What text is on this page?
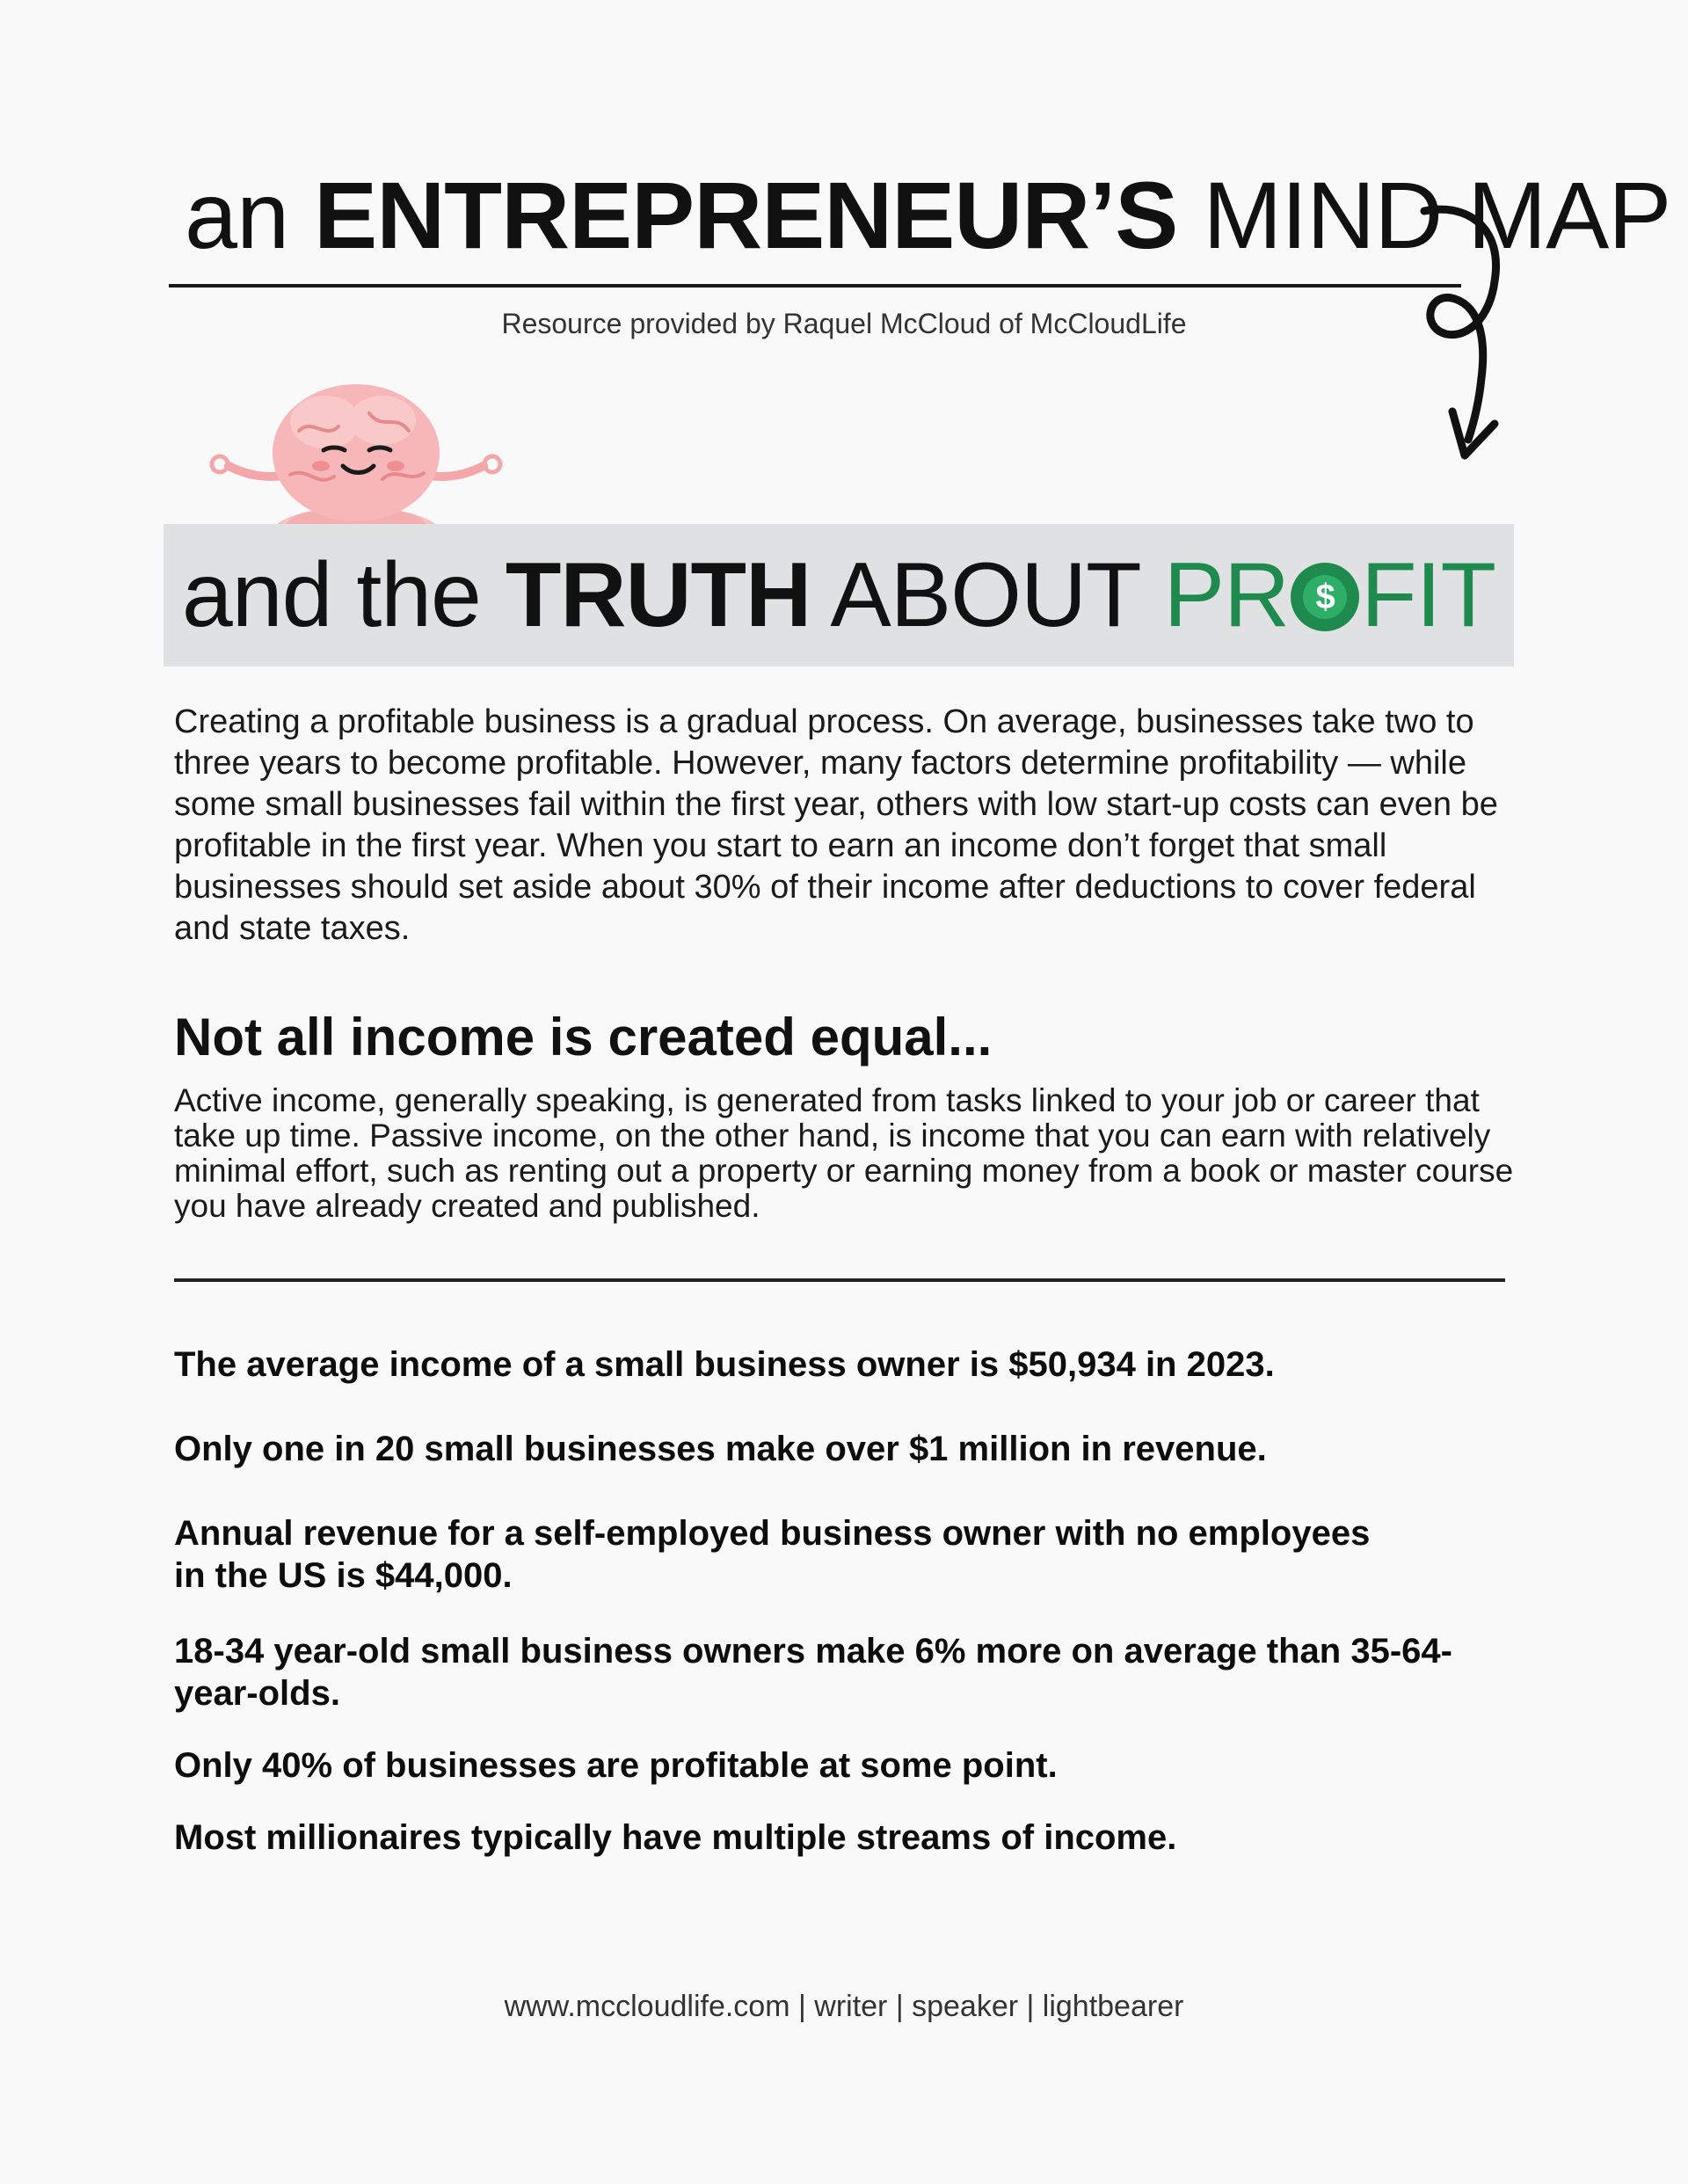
an ENTREPRENEUR’S MIND MAP
Resource provided by Raquel McCloud of McCloudLife
and the TRUTH ABOUT PR $ FIT
Creating a profitable business is a gradual process. On average, businesses take two to three years to become profitable. However, many factors determine profitability — while some small businesses fail within the first year, others with low start-up costs can even be profitable in the first year. When you start to earn an income don’t forget that small businesses should set aside about 30% of their income after deductions to cover federal and state taxes.
Not all income is created equal...
Active income, generally speaking, is generated from tasks linked to your job or career that take up time. Passive income, on the other hand, is income that you can earn with relatively minimal effort, such as renting out a property or earning money from a book or master course you have already created and published.
The average income of a small business owner is $50,934 in 2023.
Only one in 20 small businesses make over $1 million in revenue.
Annual revenue for a self-employed business owner with no employees in the US is $44,000.
18-34 year-old small business owners make 6% more on average than 35-64-year-olds.
Only 40% of businesses are profitable at some point.
Most millionaires typically have multiple streams of income.
www.mccloudlife.com | writer | speaker | lightbearer
